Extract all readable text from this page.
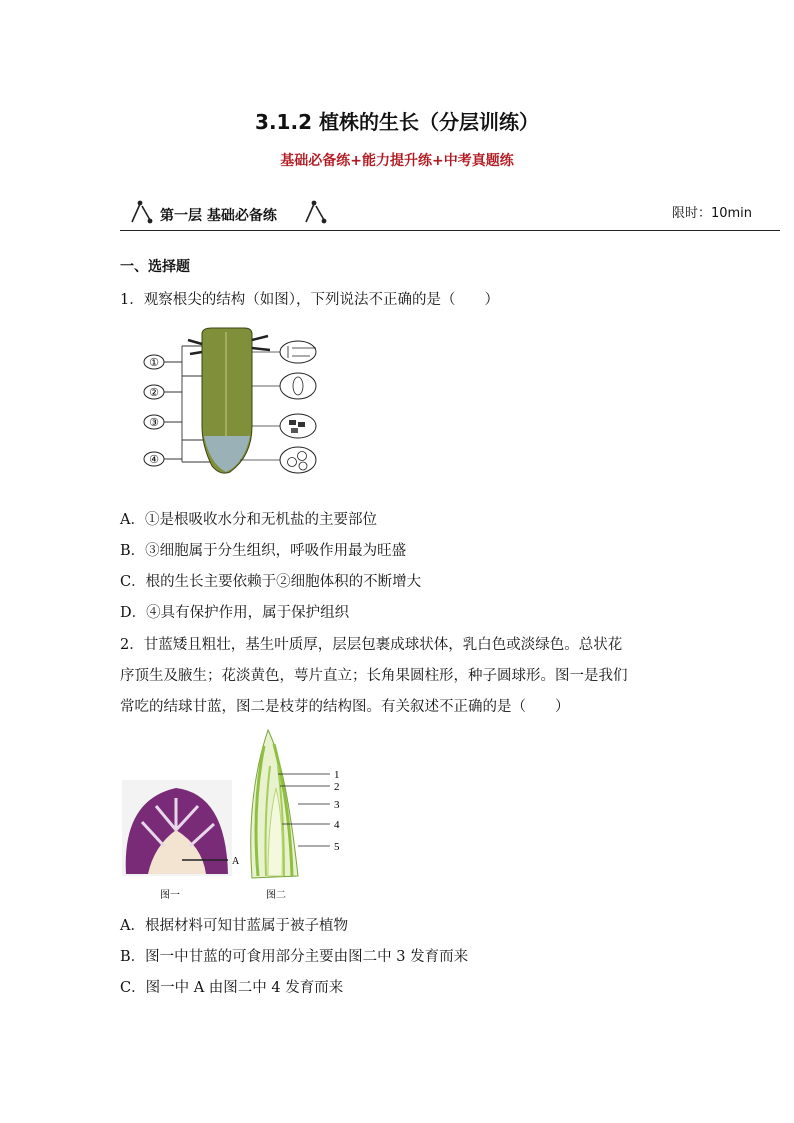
3.1.2 植株的生长（分层训练）
基础必备练+能力提升练+中考真题练
第一层 基础必备练	限时：10min
一、选择题
1．观察根尖的结构（如图），下列说法不正确的是（　　）
①
②
③
④
A．①是根吸收水分和无机盐的主要部位
B．③细胞属于分生组织，呼吸作用最为旺盛
C．根的生长主要依赖于②细胞体积的不断增大
D．④具有保护作用，属于保护组织
2．甘蓝矮且粗壮，基生叶质厚，层层包裹成球状体，乳白色或淡绿色。总状花
序顶生及腋生；花淡黄色，萼片直立；长角果圆柱形，种子圆球形。图一是我们
常吃的结球甘蓝，图二是枝芽的结构图。有关叙述不正确的是（　　）
A
图一
1
2
3
4
5
图二
A．根据材料可知甘蓝属于被子植物
B．图一中甘蓝的可食用部分主要由图二中 3 发育而来
C．图一中 A 由图二中 4 发育而来
